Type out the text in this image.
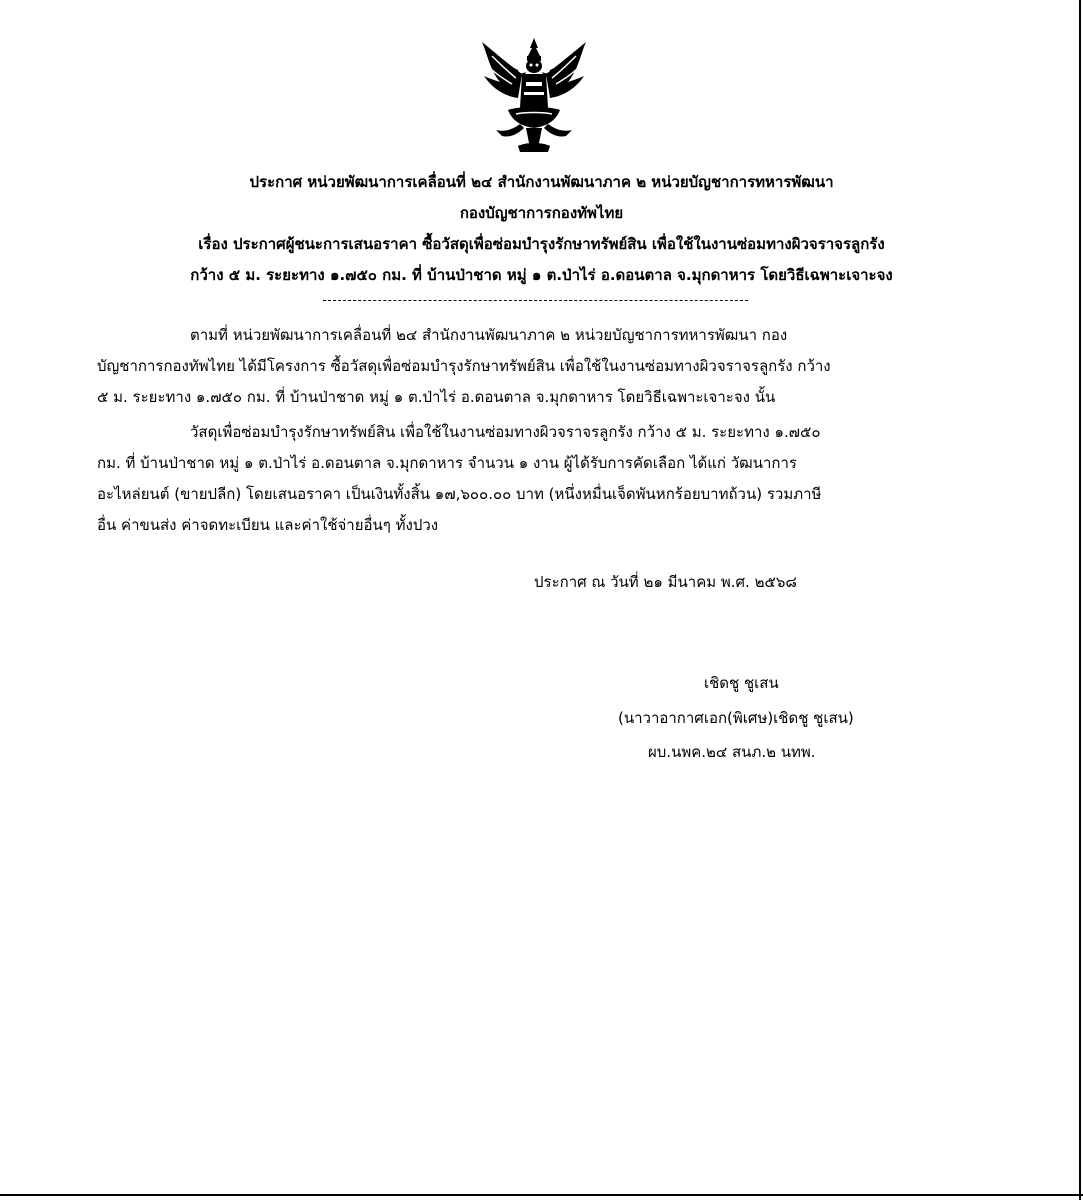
ประกาศ หน่วยพัฒนาการเคลื่อนที่ ๒๔ สำนักงานพัฒนาภาค ๒ หน่วยบัญชาการทหารพัฒนา
กองบัญชาการกองทัพไทย
เรื่อง ประกาศผู้ชนะการเสนอราคา ซื้อวัสดุเพื่อซ่อมบำรุงรักษาทรัพย์สิน เพื่อใช้ในงานซ่อมทางผิวจราจรลูกรัง
กว้าง ๕ ม. ระยะทาง ๑.๗๕๐ กม. ที่ บ้านป่าชาด หมู่ ๑ ต.ป่าไร่ อ.ดอนตาล จ.มุกดาหาร โดยวิธีเฉพาะเจาะจง
ตามที่ หน่วยพัฒนาการเคลื่อนที่ ๒๔ สำนักงานพัฒนาภาค ๒ หน่วยบัญชาการทหารพัฒนา กอง
บัญชาการกองทัพไทย ได้มีโครงการ ซื้อวัสดุเพื่อซ่อมบำรุงรักษาทรัพย์สิน เพื่อใช้ในงานซ่อมทางผิวจราจรลูกรัง กว้าง
๕ ม. ระยะทาง ๑.๗๕๐ กม. ที่ บ้านป่าชาด หมู่ ๑ ต.ป่าไร่ อ.ดอนตาล จ.มุกดาหาร โดยวิธีเฉพาะเจาะจง นั้น
วัสดุเพื่อซ่อมบำรุงรักษาทรัพย์สิน เพื่อใช้ในงานซ่อมทางผิวจราจรลูกรัง กว้าง ๕ ม. ระยะทาง ๑.๗๕๐
กม. ที่ บ้านป่าชาด หมู่ ๑ ต.ป่าไร่ อ.ดอนตาล จ.มุกดาหาร จำนวน ๑ งาน ผู้ได้รับการคัดเลือก ได้แก่ วัฒนาการ
อะไหล่ยนต์ (ขายปลีก) โดยเสนอราคา เป็นเงินทั้งสิ้น ๑๗,๖๐๐.๐๐ บาท (หนึ่งหมื่นเจ็ดพันหกร้อยบาทถ้วน) รวมภาษี
อื่น ค่าขนส่ง ค่าจดทะเบียน และค่าใช้จ่ายอื่นๆ ทั้งปวง
ประกาศ ณ วันที่ ๒๑ มีนาคม พ.ศ. ๒๕๖๘
เชิดชู ชูเสน
(นาวาอากาศเอก(พิเศษ)เชิดชู ชูเสน)
ผบ.นพค.๒๔ สนภ.๒ นทพ.
